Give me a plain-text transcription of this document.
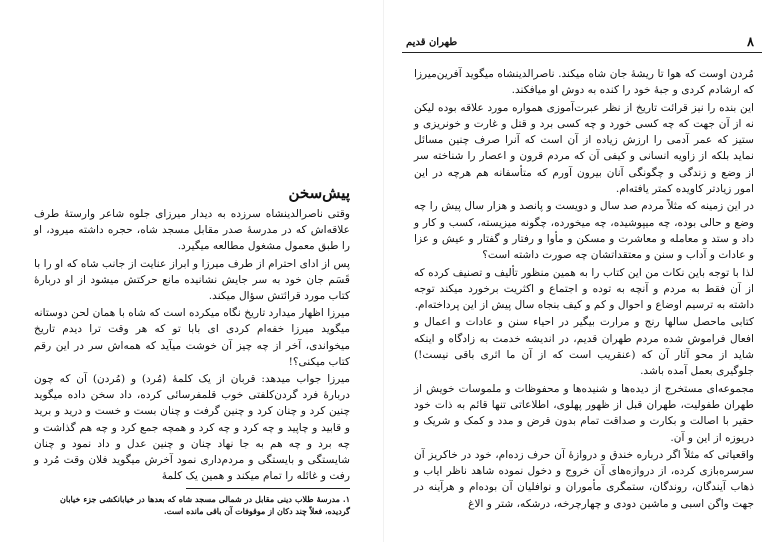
پیش‌سخن

وقتی ناصرالدینشاه سرزده به دیدار میرزای جلوه شاعر وارستهٔ طرف علاقه‌اش که در مدرسهٔ صدر مقابل مسجد شاه، حجره داشته میرود، او را طبق معمول مشغول مطالعه میگیرد.

پس از ادای احترام از طرف میرزا و ابراز عنایت از جانب شاه که او را با قَسَم جان خود به سر جایش نشانیده مانع حرکتش میشود از او دربارهٔ کتاب مورد قرائتش سؤال میکند.

میرزا اظهار میدارد تاریخ نگاه میکرده است که شاه با همان لحن دوستانه میگوید میرزا خفه‌ام کردی ای بابا تو که هر وقت ترا دیدم تاریخ میخواندی، آخر از چه چیز آن خوشت میآید که همه‌اش سر در این رقم کتاب میکنی؟!

میرزا جواب میدهد: قربان از یک کلمهٔ (مُرد) و (مُردن) آن که چون دربارهٔ فرد گردن‌کلفتی خوب قلمفرسائی کرده، داد سخن داده میگوید چنین کرد و چنان کرد و چنین گرفت و چنان بست و خست و درید و برید و قابید و چاپید و چه کرد و چه کرد و همچه جمع کرد و چه هم گذاشت و چه برد و چه هم به جا نهاد چنان و چنین عدل و داد نمود و چنان شایستگی و بایستگی و مردم‌داری نمود آخرش میگوید فلان وقت مُرد و رفت و غائله را تمام میکند و همین یک کلمهٔ

۱. مدرسهٔ طلاب دینی مقابل در شمالی مسجد شاه که بعدها در خیابانکشی جزء خیابان گردیده، فعلاً چند دکان از موقوفات آن باقی مانده است.
۸
طهران قدیم

مُردن اوست که هوا تا ریشهٔ جان شاه میکند. ناصرالدینشاه میگوید آفرین‌میرزا که ارشادم کردی و جبهٔ خود را کنده به دوش او میافکند.

این بنده را نیز قرائت تاریخ از نظر عبرت‌آموزی همواره مورد علاقه بوده لیکن نه از آن جهت که چه کسی خورد و چه کسی برد و قتل و غارت و خونریزی و ستیز که عمر آدمی را ارزش زیاده از آن است که آنرا صرف چنین مسائل نماید بلکه از زاویه انسانی و کیفی آن که مردم قرون و اعصار را شناخته سر از وضع و زندگی و چگونگی آنان بیرون آورم که متأسفانه هم هرچه در این امور زیادتر کاویده کمتر یافته‌ام.

در این زمینه که مثلاً مردم صد سال و دویست و پانصد و هزار سال پیش را چه وضع و حالی بوده، چه میپوشیده، چه میخورده، چگونه میزیسته، کسب و کار و داد و ستد و معامله و معاشرت و مسکن و مأوا و رفتار و گفتار و عیش و عزا و عادات و آداب و سنن و معتقداتشان چه صورت داشته است؟

لذا با توجه باین نکات من این کتاب را به همین منظور تألیف و تصنیف کرده که از آن فقط به مردم و آنچه به توده و اجتماع و اکثریت برخورد میکند توجه داشته به ترسیم اوضاع و احوال و کم و کیف بنجاه سال پیش از این پرداخته‌ام.

کتابی ماحصل سالها رنج و مرارت بیگیر در احیاء سنن و عادات و اعمال و افعال فراموش شده مردم طهران قدیم، در اندیشه خدمت به زادگاه و اینکه شاید از محو آثار آن که (عنقریب است که از آن ما اثری باقی نیست!) جلوگیری بعمل آمده باشد.

مجموعه‌ای مستخرج از دیده‌ها و شنیده‌ها و محفوظات و ملموسات خویش از طهران طفولیت، طهران قبل از ظهور پهلوی، اطلاعاتی تنها قائم به ذات خود حقیر با اصالت و بکارت و صداقت تمام بدون قرض و مدد و کمک و شریک و دریوزه از این و آن.

واقعیاتی که مثلاً اگر درباره خندق و دروازهٔ آن حرف زده‌ام، خود در خاکریز آن سرسره‌بازی کرده، از دروازه‌های آن خروج و دخول نموده شاهد ناظر ایاب و ذهاب آیندگان، روندگان، ستمگری مأموران و نوافلیان آن بوده‌ام و هرآینه در جهت واگن اسبی و ماشین دودی و چهارچرخه، درشکه، شتر و الاغ
